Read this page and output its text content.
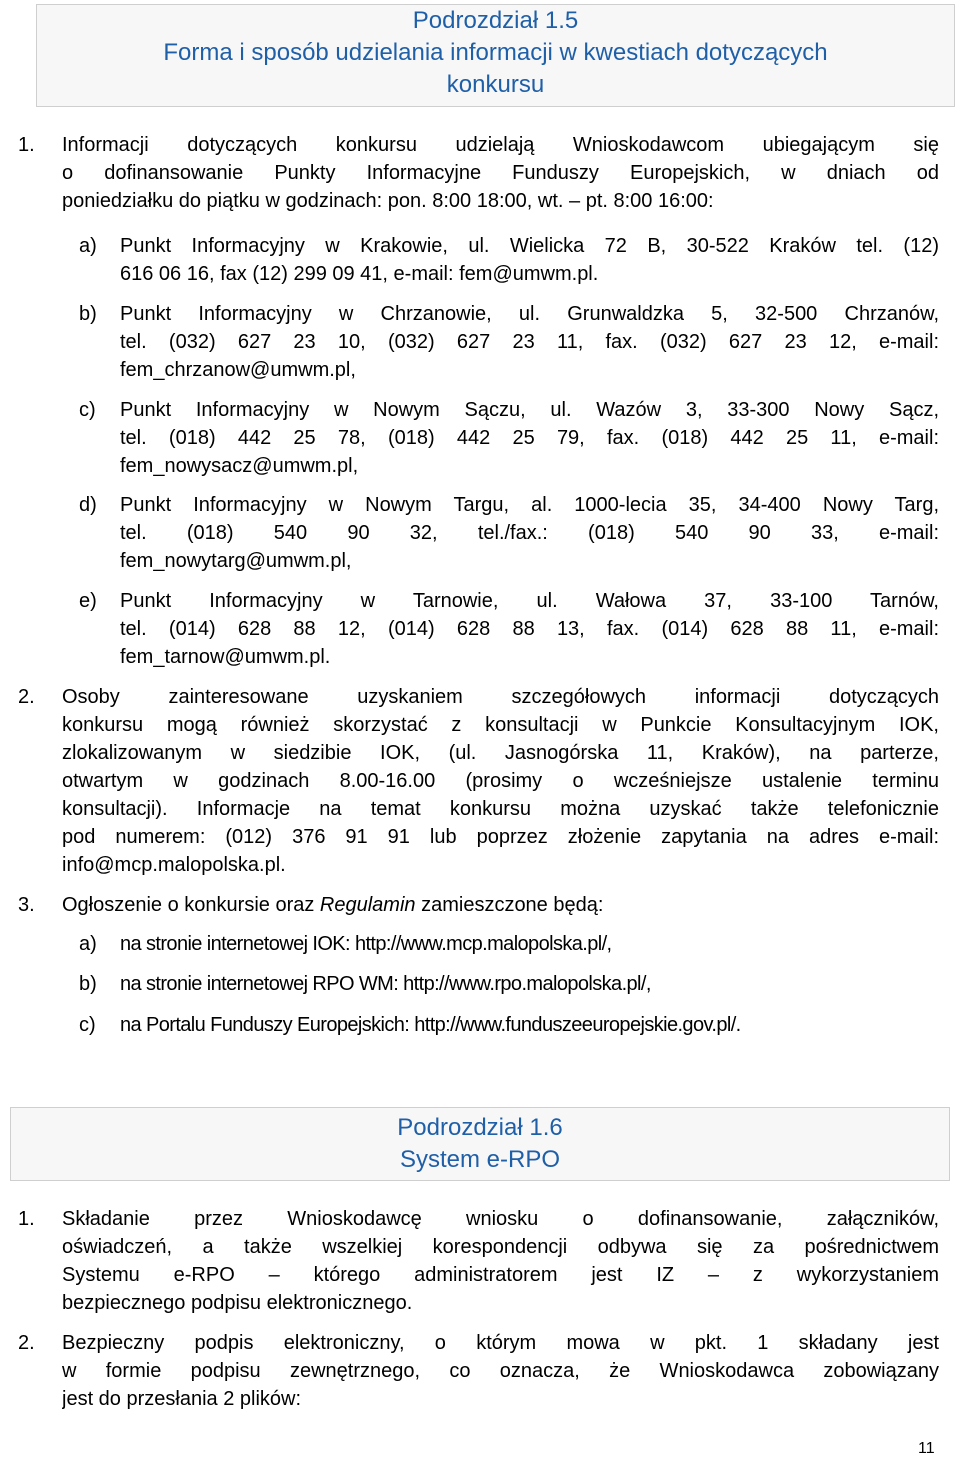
Podrozdział 1.5
Forma i sposób udzielania informacji w kwestiach dotyczących
konkursu
1. Informacji dotyczących konkursu udzielają Wnioskodawcom ubiegającym się
o dofinansowanie Punkty Informacyjne Funduszy Europejskich, w dniach od
poniedziałku do piątku w godzinach: pon. 8:00 18:00, wt. – pt. 8:00 16:00:
a) Punkt Informacyjny w Krakowie, ul. Wielicka 72 B, 30-522 Kraków tel. (12)
616 06 16, fax (12) 299 09 41, e-mail: fem@umwm.pl.
b) Punkt Informacyjny w Chrzanowie, ul. Grunwaldzka 5, 32-500 Chrzanów,
tel. (032) 627 23 10, (032) 627 23 11, fax. (032) 627 23 12, e-mail:
fem_chrzanow@umwm.pl,
c) Punkt Informacyjny w Nowym Sączu, ul. Wazów 3, 33-300 Nowy Sącz,
tel. (018) 442 25 78, (018) 442 25 79, fax. (018) 442 25 11, e-mail:
fem_nowysacz@umwm.pl,
d) Punkt Informacyjny w Nowym Targu, al. 1000-lecia 35, 34-400 Nowy Targ,
tel. (018) 540 90 32, tel./fax.: (018) 540 90 33, e-mail:
fem_nowytarg@umwm.pl,
e) Punkt Informacyjny w Tarnowie, ul. Wałowa 37, 33-100 Tarnów,
tel. (014) 628 88 12, (014) 628 88 13, fax. (014) 628 88 11, e-mail:
fem_tarnow@umwm.pl.
2. Osoby zainteresowane uzyskaniem szczegółowych informacji dotyczących
konkursu mogą również skorzystać z konsultacji w Punkcie Konsultacyjnym IOK,
zlokalizowanym w siedzibie IOK, (ul. Jasnogórska 11, Kraków), na parterze,
otwartym w godzinach 8.00-16.00 (prosimy o wcześniejsze ustalenie terminu
konsultacji). Informacje na temat konkursu można uzyskać także telefonicznie
pod numerem: (012) 376 91 91 lub poprzez złożenie zapytania na adres e-mail:
info@mcp.malopolska.pl.
3. Ogłoszenie o konkursie oraz Regulamin zamieszczone będą:
a) na stronie internetowej IOK: http://www.mcp.malopolska.pl/,
b) na stronie internetowej RPO WM: http://www.rpo.malopolska.pl/,
c) na Portalu Funduszy Europejskich: http://www.funduszeeuropejskie.gov.pl/.
Podrozdział 1.6
System e-RPO
1. Składanie przez Wnioskodawcę wniosku o dofinansowanie, załączników,
oświadczeń, a także wszelkiej korespondencji odbywa się za pośrednictwem
Systemu e-RPO – którego administratorem jest IZ – z wykorzystaniem
bezpiecznego podpisu elektronicznego.
2. Bezpieczny podpis elektroniczny, o którym mowa w pkt. 1 składany jest
w formie podpisu zewnętrznego, co oznacza, że Wnioskodawca zobowiązany
jest do przesłania 2 plików:
11
